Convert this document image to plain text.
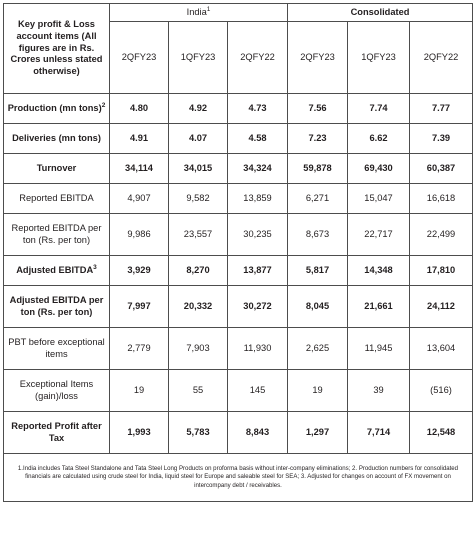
Key profit & Loss account items (All figures are in Rs. Crores unless stated otherwise)	India$^1$			Consolidated		
	2QFY23	1QFY23	2QFY22	2QFY23	1QFY23	2QFY22
Production (mn tons)$^2$	4.80	4.92	4.73	7.56	7.74	7.77
Deliveries (mn tons)	4.91	4.07	4.58	7.23	6.62	7.39
Turnover	34,114	34,015	34,324	59,878	69,430	60,387
Reported EBITDA	4,907	9,582	13,859	6,271	15,047	16,618
Reported EBITDA per ton (Rs. per ton)	9,986	23,557	30,235	8,673	22,717	22,499
Adjusted EBITDA$^3$	3,929	8,270	13,877	5,817	14,348	17,810
Adjusted EBITDA per ton (Rs. per ton)	7,997	20,332	30,272	8,045	21,661	24,112
PBT before exceptional items	2,779	7,903	11,930	2,625	11,945	13,604
Exceptional Items (gain)/loss	19	55	145	19	39	(516)
Reported Profit after Tax	1,993	5,783	8,843	1,297	7,714	12,548
1.India includes Tata Steel Standalone and Tata Steel Long Products on proforma basis without inter-company eliminations; 2. Production numbers for consolidated financials are calculated using crude steel for India, liquid steel for Europe and saleable steel for SEA; 3. Adjusted for changes on account of FX movement on intercompany debt / receivables.						
